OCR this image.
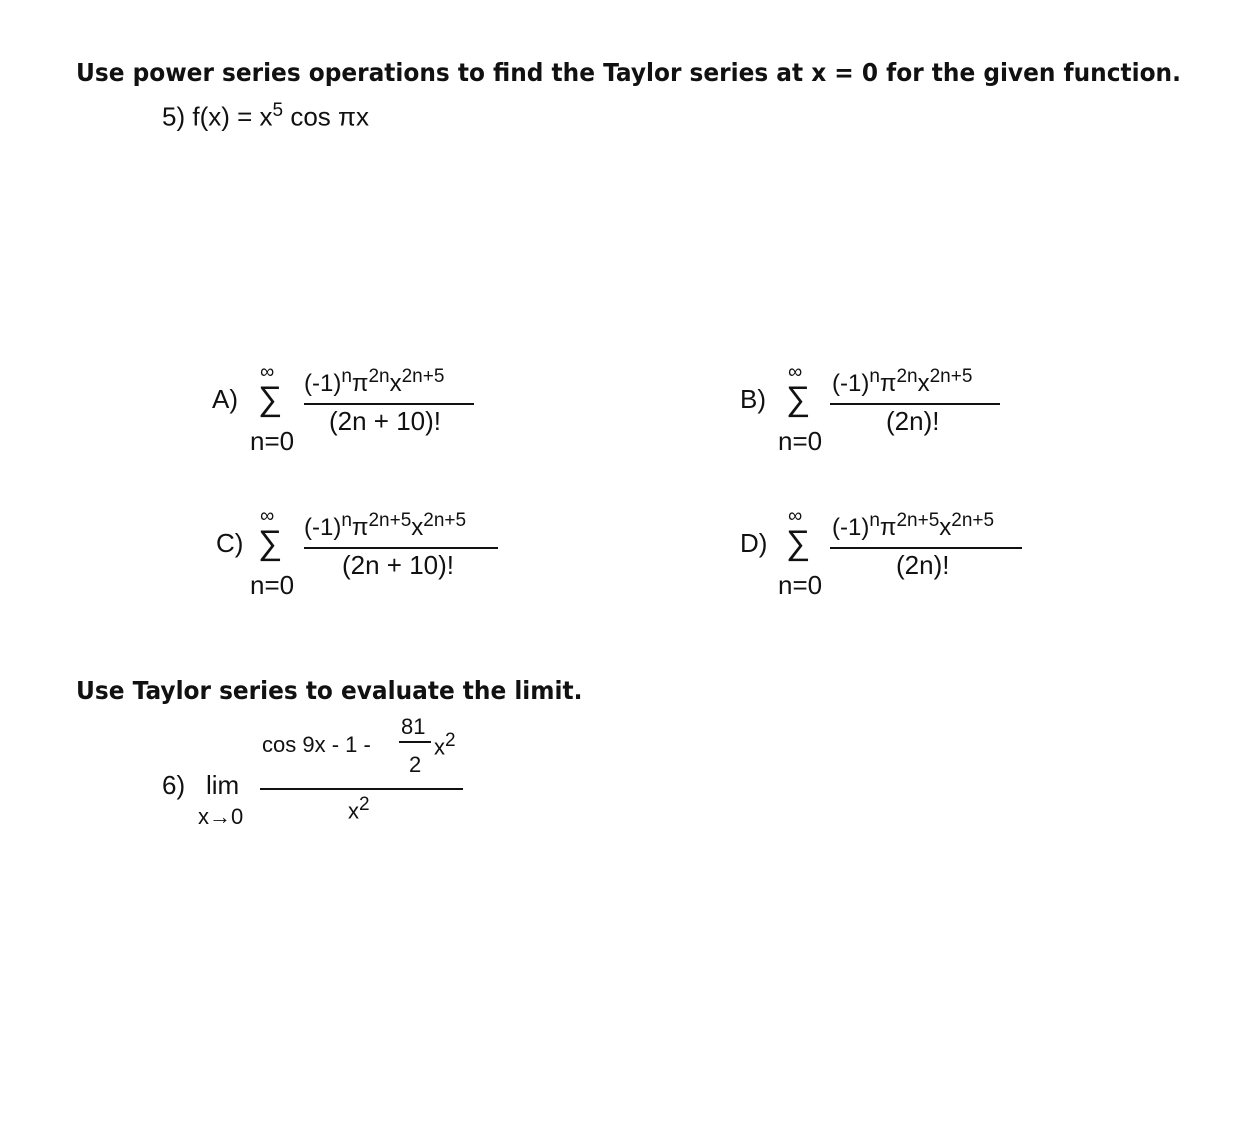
Use power series operations to find the Taylor series at x = 0 for the given function.
5) $f(x) = x^5$ cos πx
A)
∞
∑
n=0
$(-1)^n\pi^{2n}x^{2n+5}$
(2n + 10)!
B)
∞
∑
n=0
$(-1)^n\pi^{2n}x^{2n+5}$
(2n)!
C)
∞
∑
n=0
$(-1)^n\pi^{2n+5}x^{2n+5}$
(2n + 10)!
D)
∞
∑
n=0
$(-1)^n\pi^{2n+5}x^{2n+5}$
(2n)!
Use Taylor series to evaluate the limit.
6) lim
x→0
cos 9x - 1 -
81
2
$x^2$
$x^2$
